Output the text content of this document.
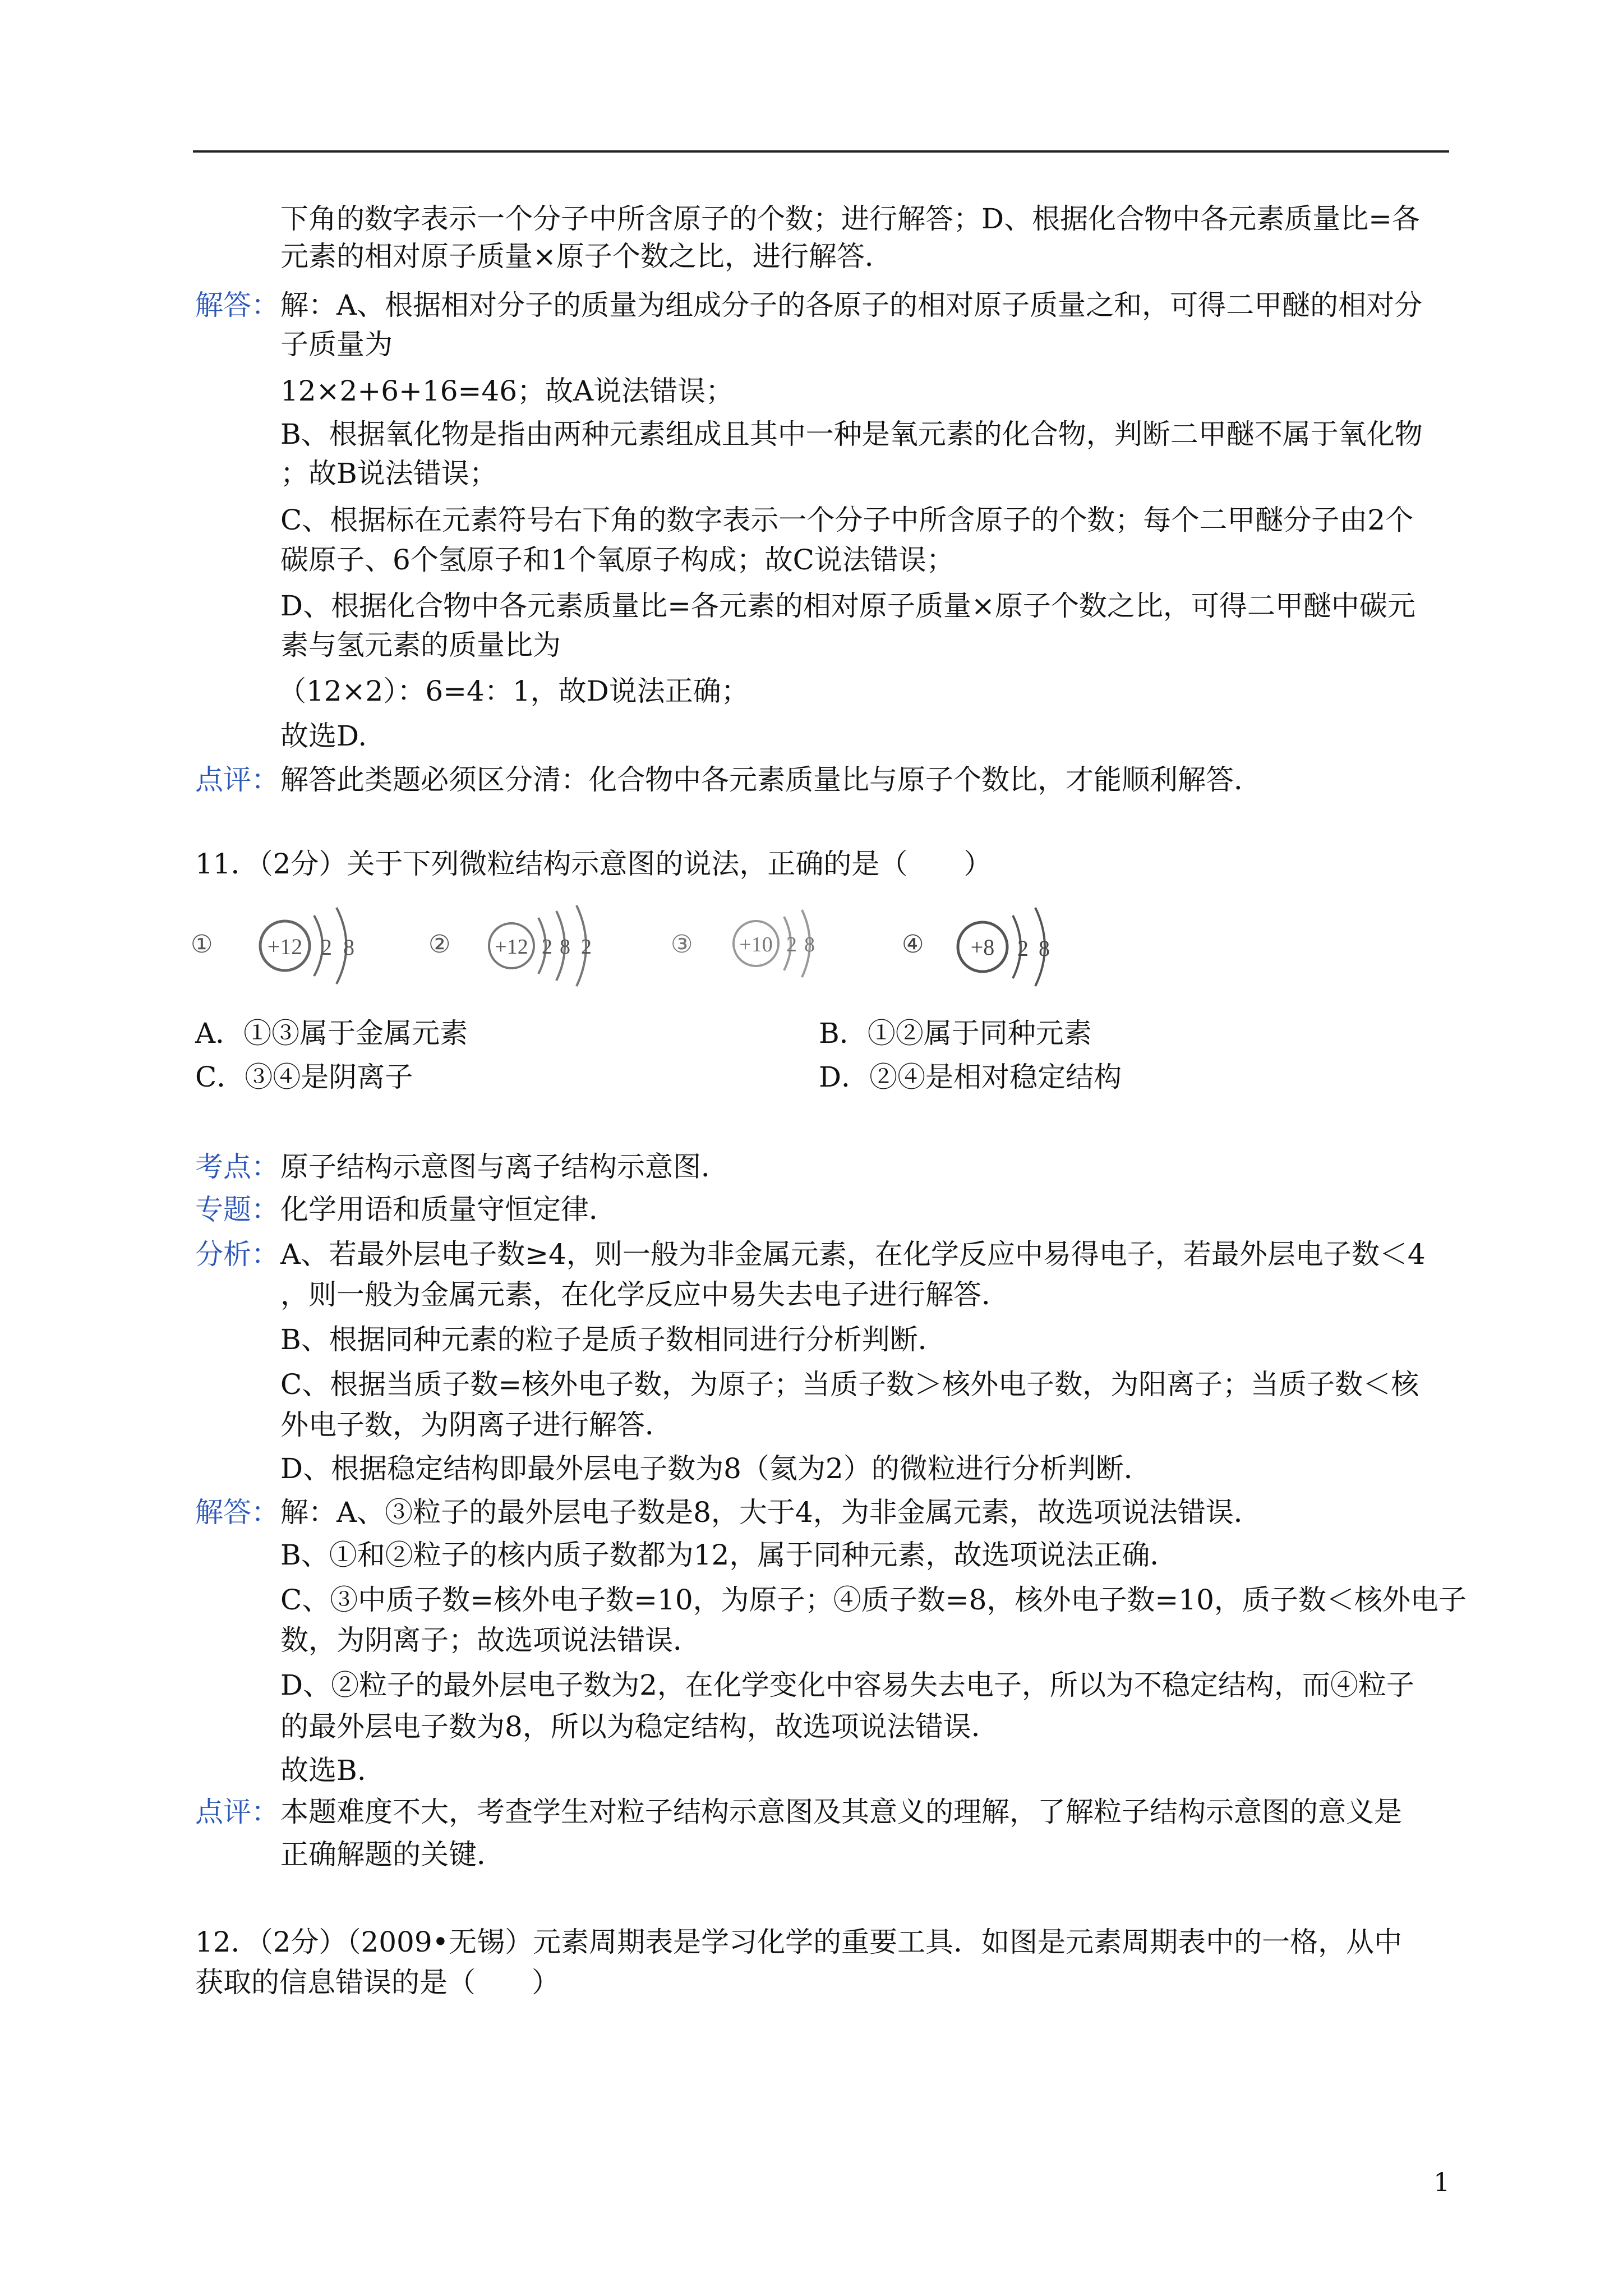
下角的数字表示一个分子中所含原子的个数；进行解答；D、根据化合物中各元素质量比=各
元素的相对原子质量×原子个数之比，进行解答．
解答： 解：A、根据相对分子的质量为组成分子的各原子的相对原子质量之和，可得二甲醚的相对分
子质量为
12×2+6+16=46；故A说法错误；
B、根据氧化物是指由两种元素组成且其中一种是氧元素的化合物，判断二甲醚不属于氧化物
；故B说法错误；
C、根据标在元素符号右下角的数字表示一个分子中所含原子的个数；每个二甲醚分子由2个
碳原子、6个氢原子和1个氧原子构成；故C说法错误；
D、根据化合物中各元素质量比=各元素的相对原子质量×原子个数之比，可得二甲醚中碳元
素与氢元素的质量比为
（12×2）：6=4：1，故D说法正确；
故选D.
点评： 解答此类题必须区分清：化合物中各元素质量比与原子个数比，才能顺利解答．
11．（2分）关于下列微粒结构示意图的说法，正确的是（　　）
① +12 2 8	② +12 2 8 2	③ +10 2 8	④ +8 2 8
A．①③属于金属元素	B．①②属于同种元素
C．③④是阴离子	D．②④是相对稳定结构
考点： 原子结构示意图与离子结构示意图．
专题： 化学用语和质量守恒定律．
分析： A、若最外层电子数≥4，则一般为非金属元素，在化学反应中易得电子，若最外层电子数＜4
，则一般为金属元素，在化学反应中易失去电子进行解答．
B、根据同种元素的粒子是质子数相同进行分析判断．
C、根据当质子数=核外电子数，为原子；当质子数＞核外电子数，为阳离子；当质子数＜核
外电子数，为阴离子进行解答．
D、根据稳定结构即最外层电子数为8（氦为2）的微粒进行分析判断．
解答： 解：A、③粒子的最外层电子数是8，大于4，为非金属元素，故选项说法错误．
B、①和②粒子的核内质子数都为12，属于同种元素，故选项说法正确．
C、③中质子数=核外电子数=10，为原子；④质子数=8，核外电子数=10，质子数＜核外电子
数，为阴离子；故选项说法错误．
D、②粒子的最外层电子数为2，在化学变化中容易失去电子，所以为不稳定结构，而④粒子
的最外层电子数为8，所以为稳定结构，故选项说法错误．
故选B.
点评： 本题难度不大，考查学生对粒子结构示意图及其意义的理解，了解粒子结构示意图的意义是
正确解题的关键．
12．（2分）（2009•无锡）元素周期表是学习化学的重要工具．如图是元素周期表中的一格，从中
获取的信息错误的是（　　）
1
